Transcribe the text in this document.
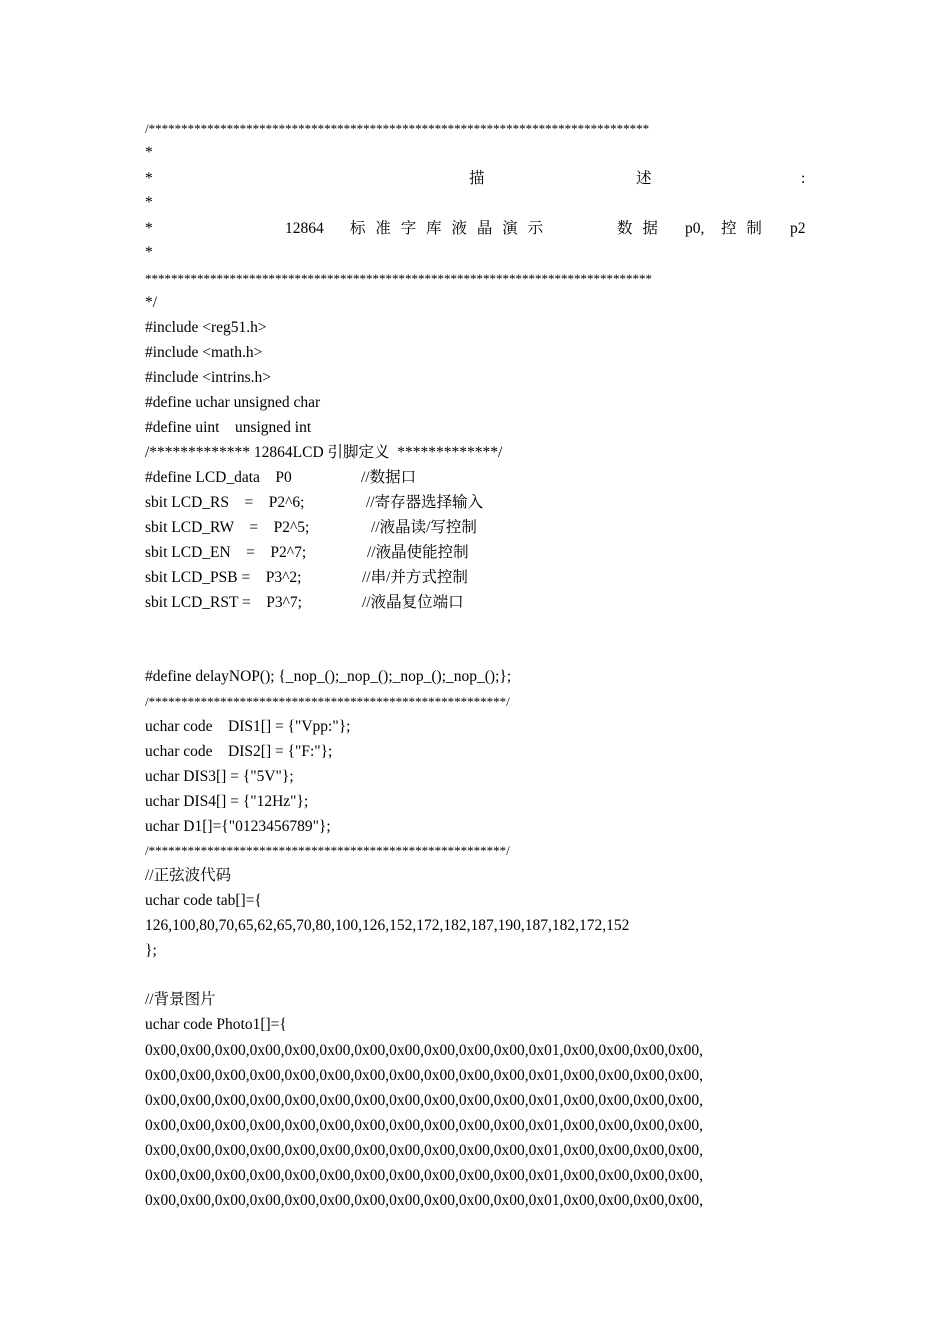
/*****************************************************************************
*
*	描	述	:
*
*	12864 标 准 字 库 液 晶 演 示	数 据 p0, 控 制 p2
*
******************************************************************************
*/
#include <reg51.h>
#include <math.h>
#include <intrins.h>
#define uchar unsigned char
#define uint    unsigned int
/************* 12864LCD 引脚定义  *************/
#define LCD_data    P0	//数据口
sbit LCD_RS    =    P2^6;	//寄存器选择输入
sbit LCD_RW    =    P2^5;	//液晶读/写控制
sbit LCD_EN    =    P2^7;	//液晶使能控制
sbit LCD_PSB =    P3^2;	//串/并方式控制
sbit LCD_RST =    P3^7;	//液晶复位端口
#define delayNOP(); {_nop_();_nop_();_nop_();_nop_();};
/*******************************************************/
uchar code    DIS1[] = {"Vpp:"};
uchar code    DIS2[] = {"F:"};
uchar DIS3[] = {"5V"};
uchar DIS4[] = {"12Hz"};
uchar D1[]={"0123456789"};
/*******************************************************/
//正弦波代码
uchar code tab[]={
126,100,80,70,65,62,65,70,80,100,126,152,172,182,187,190,187,182,172,152
};
//背景图片
uchar code Photo1[]={
0x00,0x00,0x00,0x00,0x00,0x00,0x00,0x00,0x00,0x00,0x00,0x01,0x00,0x00,0x00,0x00,
0x00,0x00,0x00,0x00,0x00,0x00,0x00,0x00,0x00,0x00,0x00,0x01,0x00,0x00,0x00,0x00,
0x00,0x00,0x00,0x00,0x00,0x00,0x00,0x00,0x00,0x00,0x00,0x01,0x00,0x00,0x00,0x00,
0x00,0x00,0x00,0x00,0x00,0x00,0x00,0x00,0x00,0x00,0x00,0x01,0x00,0x00,0x00,0x00,
0x00,0x00,0x00,0x00,0x00,0x00,0x00,0x00,0x00,0x00,0x00,0x01,0x00,0x00,0x00,0x00,
0x00,0x00,0x00,0x00,0x00,0x00,0x00,0x00,0x00,0x00,0x00,0x01,0x00,0x00,0x00,0x00,
0x00,0x00,0x00,0x00,0x00,0x00,0x00,0x00,0x00,0x00,0x00,0x01,0x00,0x00,0x00,0x00,
